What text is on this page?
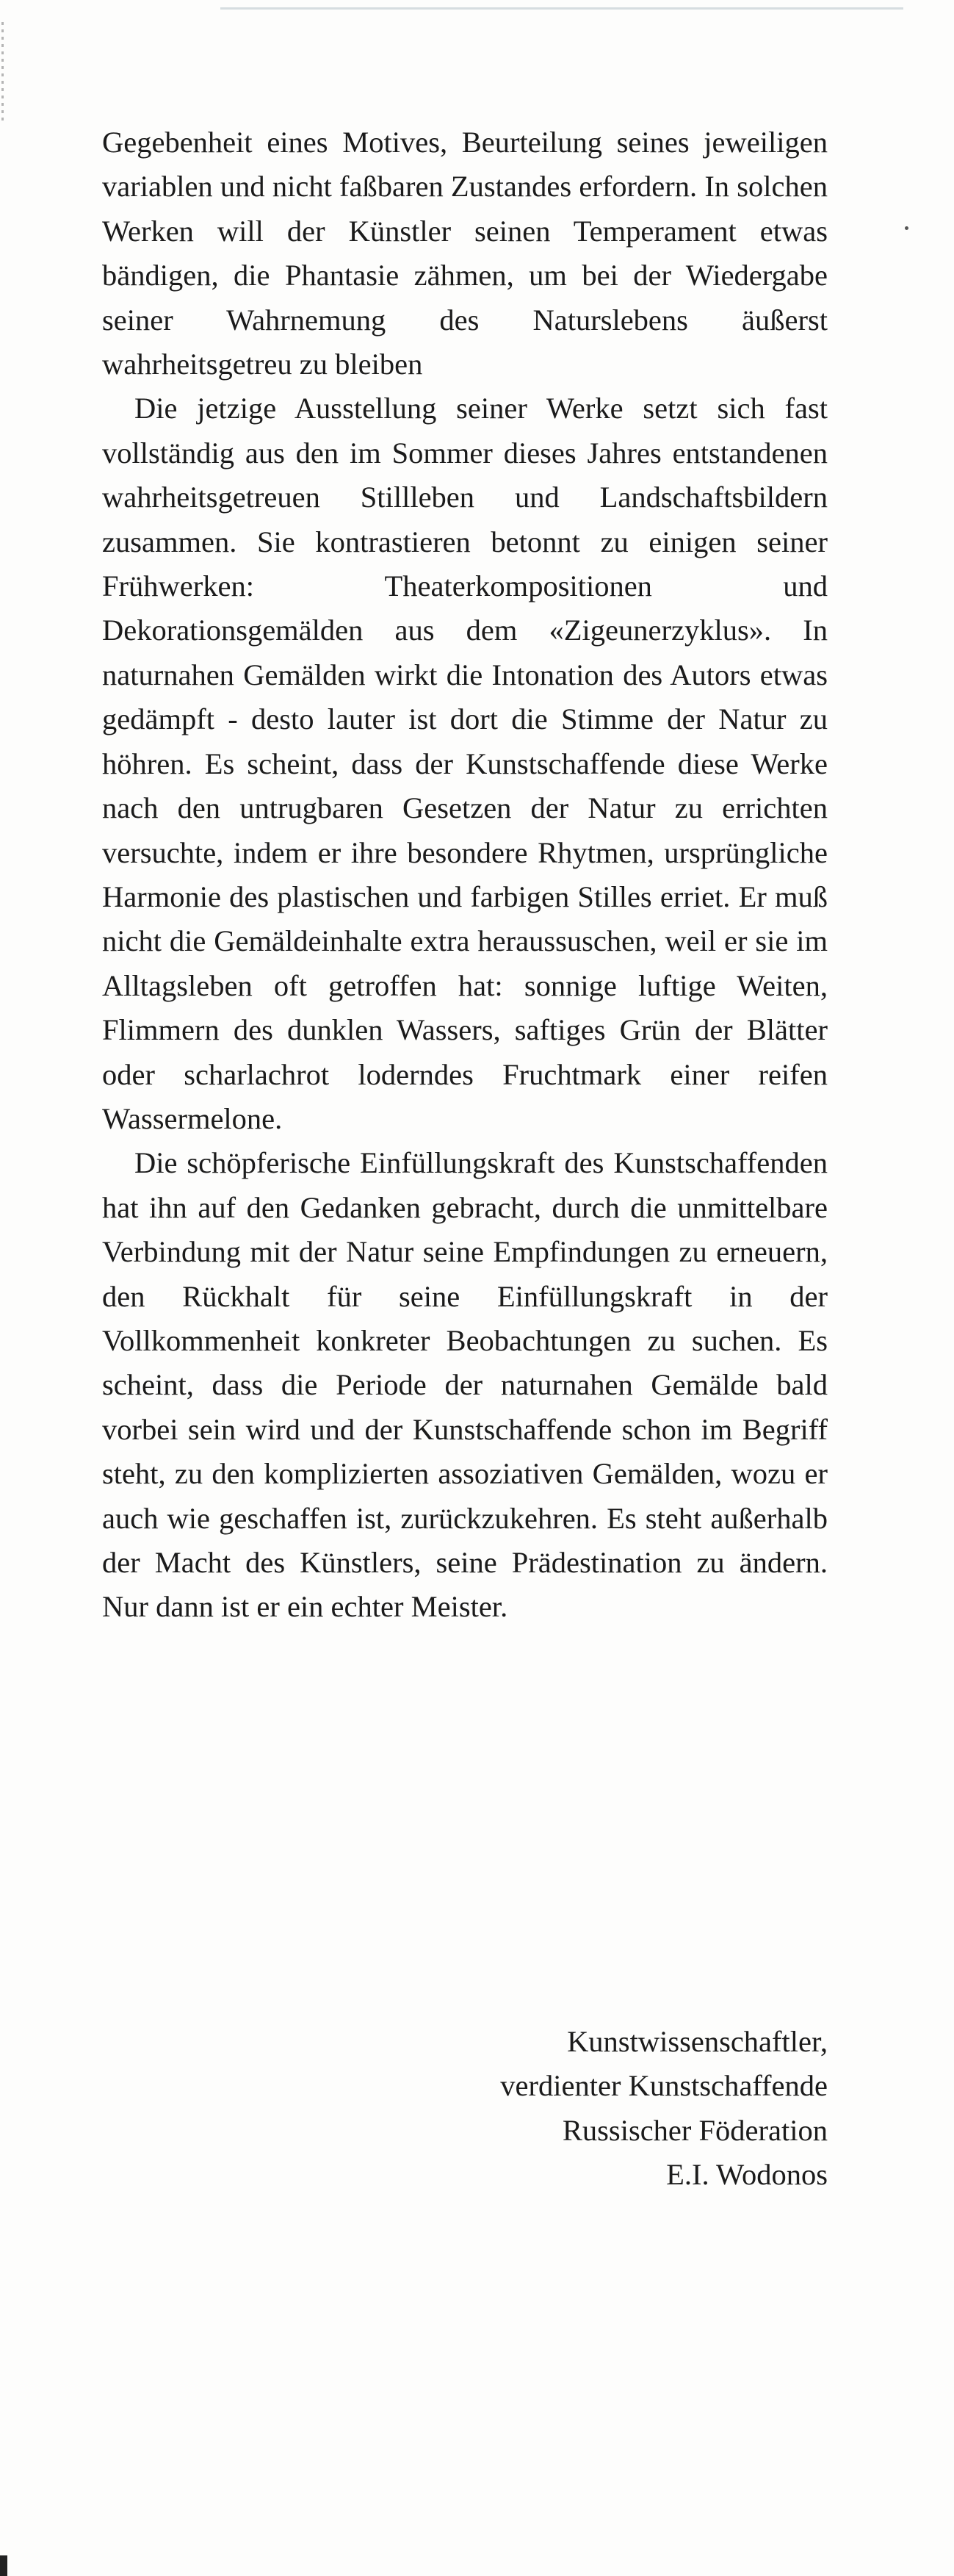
Gegebenheit eines Motives, Beurteilung seines jeweiligen variablen und nicht faßbaren Zustandes erfordern. In solchen Werken will der Künstler seinen Temperament etwas bändigen, die Phantasie zähmen, um bei der Wiedergabe seiner Wahrnemung des Naturslebens äußerst wahrheitsgetreu zu bleiben

Die jetzige Ausstellung seiner Werke setzt sich fast vollständig aus den im Sommer dieses Jahres entstandenen wahrheitsgetreuen Stillleben und Landschaftsbildern zusammen. Sie kontrastieren betonnt zu einigen seiner Frühwerken: Theaterkompositionen und Dekorationsgemälden aus dem «Zigeunerzyklus». In naturnahen Gemälden wirkt die Intonation des Autors etwas gedämpft - desto lauter ist dort die Stimme der Natur zu höhren. Es scheint, dass der Kunstschaffende diese Werke nach den untrugbaren Gesetzen der Natur zu errichten versuchte, indem er ihre besondere Rhytmen, ursprüngliche Harmonie des plastischen und farbigen Stilles erriet. Er muß nicht die Gemäldeinhalte extra heraussuschen, weil er sie im Alltagsleben oft getroffen hat: sonnige luftige Weiten, Flimmern des dunklen Wassers, saftiges Grün der Blätter oder scharlachrot loderndes Fruchtmark einer reifen Wassermelone.

Die schöpferische Einfüllungskraft des Kunstschaffenden hat ihn auf den Gedanken gebracht, durch die unmittelbare Verbindung mit der Natur seine Empfindungen zu erneuern, den Rückhalt für seine Einfüllungskraft in der Vollkommenheit konkreter Beobachtungen zu suchen. Es scheint, dass die Periode der naturnahen Gemälde bald vorbei sein wird und der Kunstschaffende schon im Begriff steht, zu den komplizierten assoziativen Gemälden, wozu er auch wie geschaffen ist, zurückzukehren. Es steht außerhalb der Macht des Künstlers, seine Prädestination zu ändern. Nur dann ist er ein echter Meister.

Kunstwissenschaftler,
verdienter Kunstschaffende
Russischer Föderation
E.I. Wodonos
